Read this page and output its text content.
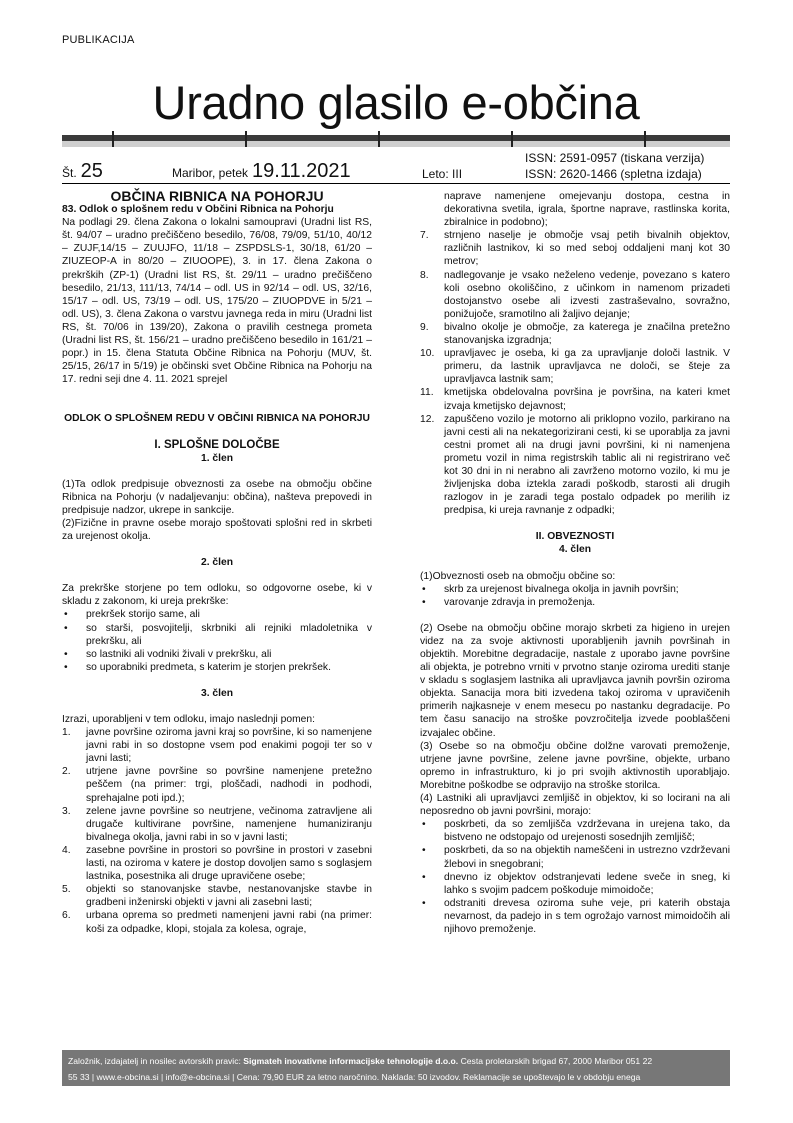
PUBLIKACIJA
Uradno glasilo e-občina
Št. 25	Maribor, petek 19.11.2021	Leto: III
ISSN: 2591-0957 (tiskana verzija)
ISSN: 2620-1466 (spletna izdaja)

OBČINA RIBNICA NA POHORJU

83. Odlok o splošnem redu v Občini Ribnica na Pohorju

Na podlagi 29. člena Zakona o lokalni samoupravi (Uradni list RS, št. 94/07 – uradno prečiščeno besedilo, 76/08, 79/09, 51/10, 40/12 – ZUJF,14/15 – ZUUJFO, 11/18 – ZSPDSLS-1, 30/18, 61/20 – ZIUZEOP-A in 80/20 – ZIUOOPE), 3. in 17. člena Zakona o prekrških (ZP-1) (Uradni list RS, št. 29/11 – uradno prečiščeno besedilo, 21/13, 111/13, 74/14 – odl. US in 92/14 – odl. US, 32/16, 15/17 – odl. US, 73/19 – odl. US, 175/20 – ZIUOPDVE in 5/21 – odl. US), 3. člena Zakona o varstvu javnega reda in miru (Uradni list RS, št. 70/06 in 139/20), Zakona o pravilih cestnega prometa (Uradni list RS, št. 156/21 – uradno prečiščeno besedilo in 161/21 – popr.) in 15. člena Statuta Občine Ribnica na Pohorju (MUV, št. 25/15, 26/17 in 5/19) je občinski svet Občine Ribnica na Pohorju na 17. redni seji dne 4. 11. 2021 sprejel

ODLOK O SPLOŠNEM REDU V OBČINI RIBNICA NA POHORJU

I. SPLOŠNE DOLOČBE

1. člen

(1)Ta odlok predpisuje obveznosti za osebe na območju občine Ribnica na Pohorju (v nadaljevanju: občina), našteva prepovedi in predpisuje nadzor, ukrepe in sankcije.

(2)Fizične in pravne osebe morajo spoštovati splošni red in skrbeti za urejenost okolja.

2. člen

Za prekrške storjene po tem odloku, so odgovorne osebe, ki v skladu z zakonom, ki ureja prekrške:

• prekršek storijo same, ali
• so starši, posvojitelji, skrbniki ali rejniki mladoletnika v prekršku, ali
• so lastniki ali vodniki živali v prekršku, ali
• so uporabniki predmeta, s katerim je storjen prekršek.

3. člen

Izrazi, uporabljeni v tem odloku, imajo naslednji pomen:

1. javne površine oziroma javni kraj so površine, ki so namenjene javni rabi in so dostopne vsem pod enakimi pogoji ter so v javni lasti;
2. utrjene javne površine so površine namenjene pretežno peščem (na primer: trgi, ploščadi, nadhodi in podhodi, sprehajalne poti ipd.);
3. zelene javne površine so neutrjene, večinoma zatravljene ali drugače kultivirane površine, namenjene humaniziranju bivalnega okolja, javni rabi in so v javni lasti;
4. zasebne površine in prostori so površine in prostori v zasebni lasti, na oziroma v katere je dostop dovoljen samo s soglasjem lastnika, posestnika ali druge upravičene osebe;
5. objekti so stanovanjske stavbe, nestanovanjske stavbe in gradbeni inženirski objekti v javni ali zasebni lasti;
6. urbana oprema so predmeti namenjeni javni rabi (na primer: koši za odpadke, klopi, stojala za kolesa, ograje,

naprave namenjene omejevanju dostopa, cestna in dekorativna svetila, igrala, športne naprave, rastlinska korita, zbiralnice in podobno);

7. strnjeno naselje je območje vsaj petih bivalnih objektov, različnih lastnikov, ki so med seboj oddaljeni manj kot 30 metrov;
8. nadlegovanje je vsako neželeno vedenje, povezano s katero koli osebno okoliščino, z učinkom in namenom prizadeti dostojanstvo osebe ali izvesti zastraševalno, sovražno, ponižujoče, sramotilno ali žaljivo dejanje;
9. bivalno okolje je območje, za katerega je značilna pretežno stanovanjska izgradnja;
10. upravljavec je oseba, ki ga za upravljanje določi lastnik. V primeru, da lastnik upravljavca ne določi, se šteje za upravljavca lastnik sam;
11. kmetijska obdelovalna površina je površina, na kateri kmet izvaja kmetijsko dejavnost;
12. zapuščeno vozilo je motorno ali priklopno vozilo, parkirano na javni cesti ali na nekategorizirani cesti, ki se uporablja za javni cestni promet ali na drugi javni površini, ki ni namenjena prometu vozil in nima registrskih tablic ali ni registrirano več kot 30 dni in ni nerabno ali zavrženo motorno vozilo, ki mu je življenjska doba iztekla zaradi poškodb, starosti ali drugih razlogov in je zaradi tega postalo odpadek po merilih iz predpisa, ki ureja ravnanje z odpadki;

II. OBVEZNOSTI

4. člen

(1)Obveznosti oseb na območju občine so:

• skrb za urejenost bivalnega okolja in javnih površin;
• varovanje zdravja in premoženja.

(2) Osebe na območju občine morajo skrbeti za higieno in urejen videz na za svoje aktivnosti uporabljenih javnih površinah in objektih. Morebitne degradacije, nastale z uporabo javne površine ali objekta, je potrebno vrniti v prvotno stanje oziroma urediti stanje v skladu s soglasjem lastnika ali upravljavca javnih površin oziroma objekta. Sanacija mora biti izvedena takoj oziroma v upravičenih primerih najkasneje v enem mesecu po nastanku degradacije. Po tem času sanacijo na stroške povzročitelja izvede pooblaščeni izvajalec občine.

(3) Osebe so na območju občine dolžne varovati premoženje, utrjene javne površine, zelene javne površine, objekte, urbano opremo in infrastrukturo, ki jo pri svojih aktivnostih uporabljajo. Morebitne poškodbe se odpravijo na stroške storilca.

(4) Lastniki ali upravljavci zemljišč in objektov, ki so locirani na ali neposredno ob javni površini, morajo:

• poskrbeti, da so zemljišča vzdrževana in urejena tako, da bistveno ne odstopajo od urejenosti sosednjih zemljišč;
• poskrbeti, da so na objektih nameščeni in ustrezno vzdrževani žlebovi in snegobrani;
• dnevno iz objektov odstranjevati ledene sveče in sneg, ki lahko s svojim padcem poškoduje mimoidoče;
• odstraniti drevesa oziroma suhe veje, pri katerih obstaja nevarnost, da padejo in s tem ogrožajo varnost mimoidočih ali njihovo premoženje.
Založnik, izdajatelj in nosilec avtorskih pravic: Sigmateh inovativne informacijske tehnologije d.o.o. Cesta proletarskih brigad 67, 2000 Maribor 051 22
55 33 | www.e-obcina.si | info@e-obcina.si | Cena: 79,90 EUR za letno naročnino. Naklada: 50 izvodov. Reklamacije se upoštevajo le v obdobju enega
